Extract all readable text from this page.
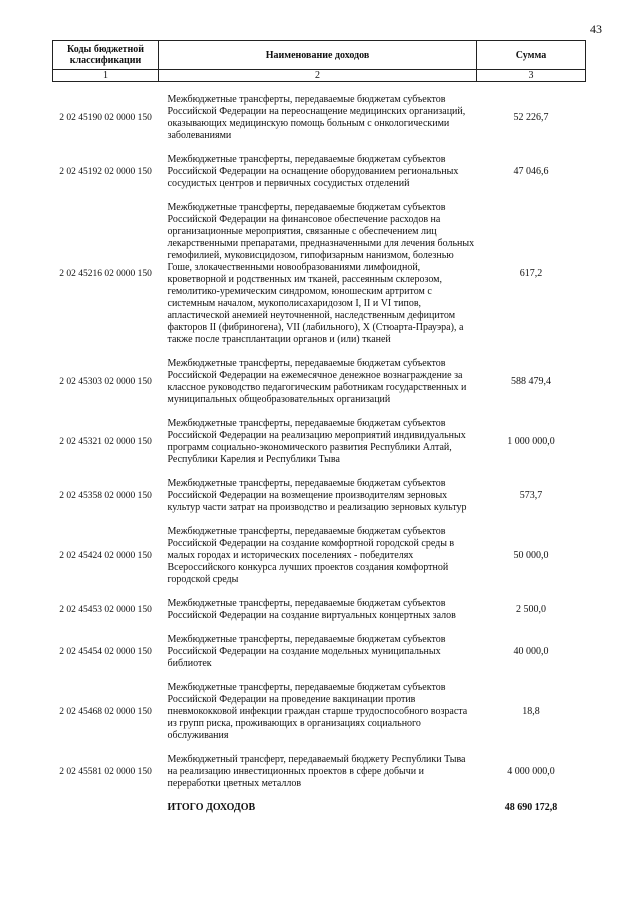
43
Коды бюджетной классификации	Наименование доходов	Сумма
1	2	3

2 02 45190 02 0000 150	Межбюджетные трансферты, передаваемые бюджетам субъектов Российской Федерации на переоснащение медицинских организаций, оказывающих медицинскую помощь больным с онкологическими заболеваниями	52 226,7
2 02 45192 02 0000 150	Межбюджетные трансферты, передаваемые бюджетам субъектов Российской Федерации на оснащение оборудованием региональных сосудистых центров и первичных сосудистых отделений	47 046,6
2 02 45216 02 0000 150	Межбюджетные трансферты, передаваемые бюджетам субъектов Российской Федерации на финансовое обеспечение расходов на организационные мероприятия, связанные с обеспечением лиц лекарственными препаратами, предназначенными для лечения больных гемофилией, муковисцидозом, гипофизарным нанизмом, болезнью Гоше, злокачественными новообразованиями лимфоидной, кроветворной и родственных им тканей, рассеянным склерозом, гемолитико-уремическим синдромом, юношеским артритом с системным началом, мукополисахаридозом I, II и VI типов, апластической анемией неуточненной, наследственным дефицитом факторов II (фибриногена), VII (лабильного), X (Стюарта-Прауэра), а также после трансплантации органов и (или) тканей	617,2
2 02 45303 02 0000 150	Межбюджетные трансферты, передаваемые бюджетам субъектов Российской Федерации на ежемесячное денежное вознаграждение за классное руководство педагогическим работникам государственных и муниципальных общеобразовательных организаций	588 479,4
2 02 45321 02 0000 150	Межбюджетные трансферты, передаваемые бюджетам субъектов Российской Федерации на реализацию мероприятий индивидуальных программ социально-экономического развития Республики Алтай, Республики Карелия и Республики Тыва	1 000 000,0
2 02 45358 02 0000 150	Межбюджетные трансферты, передаваемые бюджетам субъектов Российской Федерации на возмещение производителям зерновых культур части затрат на производство и реализацию зерновых культур	573,7
2 02 45424 02 0000 150	Межбюджетные трансферты, передаваемые бюджетам субъектов Российской Федерации на создание комфортной городской среды в малых городах и исторических поселениях - победителях Всероссийского конкурса лучших проектов создания комфортной городской среды	50 000,0
2 02 45453 02 0000 150	Межбюджетные трансферты, передаваемые бюджетам субъектов Российской Федерации на создание виртуальных концертных залов	2 500,0
2 02 45454 02 0000 150	Межбюджетные трансферты, передаваемые бюджетам субъектов Российской Федерации на создание модельных муниципальных библиотек	40 000,0
2 02 45468 02 0000 150	Межбюджетные трансферты, передаваемые бюджетам субъектов Российской Федерации на проведение вакцинации против пневмококковой инфекции граждан старше трудоспособного возраста из групп риска, проживающих в организациях социального обслуживания	18,8
2 02 45581 02 0000 150	Межбюджетный трансферт, передаваемый бюджету Республики Тыва на реализацию инвестиционных проектов в сфере добычи и переработки цветных металлов	4 000 000,0
	ИТОГО ДОХОДОВ	48 690 172,8
